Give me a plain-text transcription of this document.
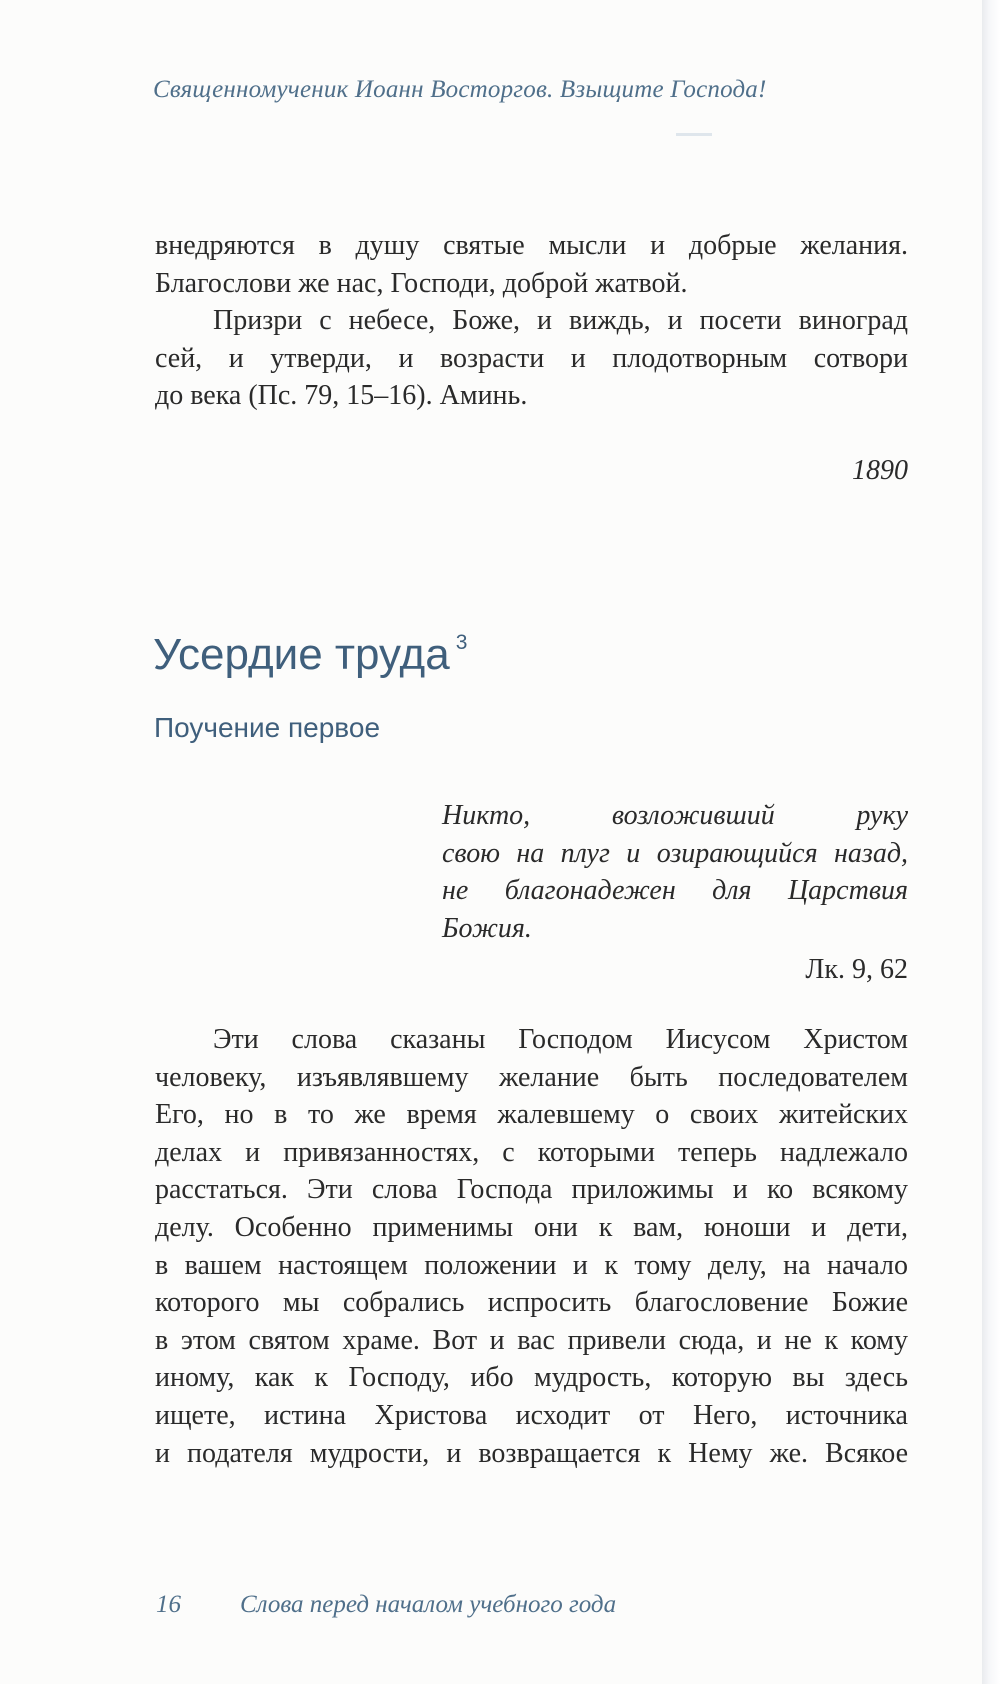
Священномученик Иоанн Восторгов. Взыщите Господа!
внедряются в душу святые мысли и добрые желания.
Благослови же нас, Господи, доброй жатвой.
Призри с небесе, Боже, и виждь, и посети виноград
сей, и утверди, и возрасти и плодотворным сотвори
до века (Пс. 79, 15–16). Аминь.
1890
Усердие труда $^3$
Поучение первое
Никто, возложивший руку
свою на плуг и озирающийся назад,
не благонадежен для Царствия
Божия.
Лк. 9, 62
Эти слова сказаны Господом Иисусом Христом
человеку, изъявлявшему желание быть последователем
Его, но в то же время жалевшему о своих житейских
делах и привязанностях, с которыми теперь надлежало
расстаться. Эти слова Господа приложимы и ко всякому
делу. Особенно применимы они к вам, юноши и дети,
в вашем настоящем положении и к тому делу, на начало
которого мы собрались испросить благословение Божие
в этом святом храме. Вот и вас привели сюда, и не к кому
иному, как к Господу, ибо мудрость, которую вы здесь
ищете, истина Христова исходит от Него, источника
и подателя мудрости, и возвращается к Нему же. Всякое
16 Слова перед началом учебного года
